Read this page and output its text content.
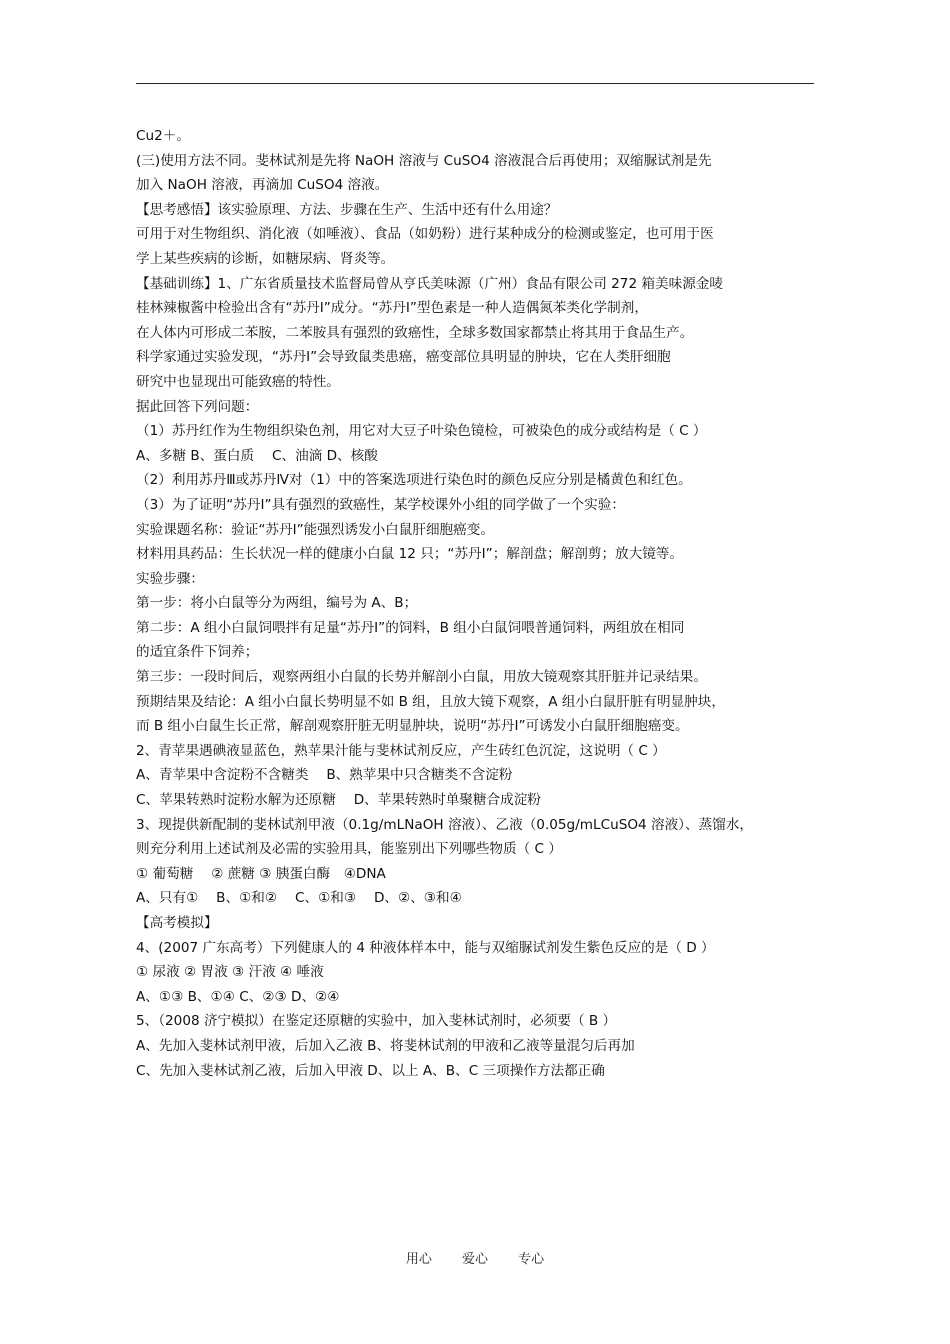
Cu2＋。
(三)使用方法不同。斐林试剂是先将 NaOH 溶液与 CuSO4 溶液混合后再使用；双缩脲试剂是先
加入 NaOH 溶液，再滴加 CuSO4 溶液。
【思考感悟】该实验原理、方法、步骤在生产、生活中还有什么用途？
可用于对生物组织、消化液（如唾液）、食品（如奶粉）进行某种成分的检测或鉴定，也可用于医
学上某些疾病的诊断，如糖尿病、肾炎等。
【基础训练】1、广东省质量技术监督局曾从亨氏美味源（广州）食品有限公司 272 箱美味源金唛
桂林辣椒酱中检验出含有“苏丹Ⅰ”成分。“苏丹Ⅰ”型色素是一种人造偶氮苯类化学制剂，
在人体内可形成二苯胺，二苯胺具有强烈的致癌性，全球多数国家都禁止将其用于食品生产。
科学家通过实验发现，“苏丹Ⅰ”会导致鼠类患癌，癌变部位具明显的肿块，它在人类肝细胞
研究中也显现出可能致癌的特性。
据此回答下列问题：
（1）苏丹红作为生物组织染色剂，用它对大豆子叶染色镜检，可被染色的成分或结构是（ C ）
A、多糖 B、蛋白质　 C、油滴 D、核酸
（2）利用苏丹Ⅲ或苏丹Ⅳ对（1）中的答案选项进行染色时的颜色反应分别是橘黄色和红色。
（3）为了证明“苏丹Ⅰ”具有强烈的致癌性，某学校课外小组的同学做了一个实验：
实验课题名称：验证“苏丹Ⅰ”能强烈诱发小白鼠肝细胞癌变。
材料用具药品：生长状况一样的健康小白鼠 12 只；“苏丹Ⅰ”；解剖盘；解剖剪；放大镜等。
实验步骤：
第一步：将小白鼠等分为两组，编号为 A、B；
第二步：A 组小白鼠饲喂拌有足量“苏丹Ⅰ”的饲料，B 组小白鼠饲喂普通饲料，两组放在相同
的适宜条件下饲养；
第三步：一段时间后，观察两组小白鼠的长势并解剖小白鼠，用放大镜观察其肝脏并记录结果。
预期结果及结论：A 组小白鼠长势明显不如 B 组，且放大镜下观察，A 组小白鼠肝脏有明显肿块，
而 B 组小白鼠生长正常，解剖观察肝脏无明显肿块，说明“苏丹Ⅰ”可诱发小白鼠肝细胞癌变。
2、青苹果遇碘液显蓝色，熟苹果汁能与斐林试剂反应，产生砖红色沉淀，这说明（ C ）
A、青苹果中含淀粉不含糖类　 B、熟苹果中只含糖类不含淀粉
C、苹果转熟时淀粉水解为还原糖　 D、苹果转熟时单聚糖合成淀粉
3、现提供新配制的斐林试剂甲液（0.1g/mLNaOH 溶液）、乙液（0.05g/mLCuSO4 溶液）、蒸馏水，
则充分利用上述试剂及必需的实验用具，能鉴别出下列哪些物质（ C ）
① 葡萄糖　 ② 蔗糖 ③ 胰蛋白酶　④DNA
A、只有①　 B、①和②　 C、①和③　 D、②、③和④
【高考模拟】
4、(2007 广东高考）下列健康人的 4 种液体样本中，能与双缩脲试剂发生紫色反应的是（ D ）
① 尿液 ② 胃液 ③ 汗液 ④ 唾液
A、①③ B、①④ C、②③ D、②④
5、（2008 济宁模拟）在鉴定还原糖的实验中，加入斐林试剂时，必须要（ B ）
A、先加入斐林试剂甲液，后加入乙液 B、将斐林试剂的甲液和乙液等量混匀后再加
C、先加入斐林试剂乙液，后加入甲液 D、以上 A、B、C 三项操作方法都正确
用心 爱心 专心
